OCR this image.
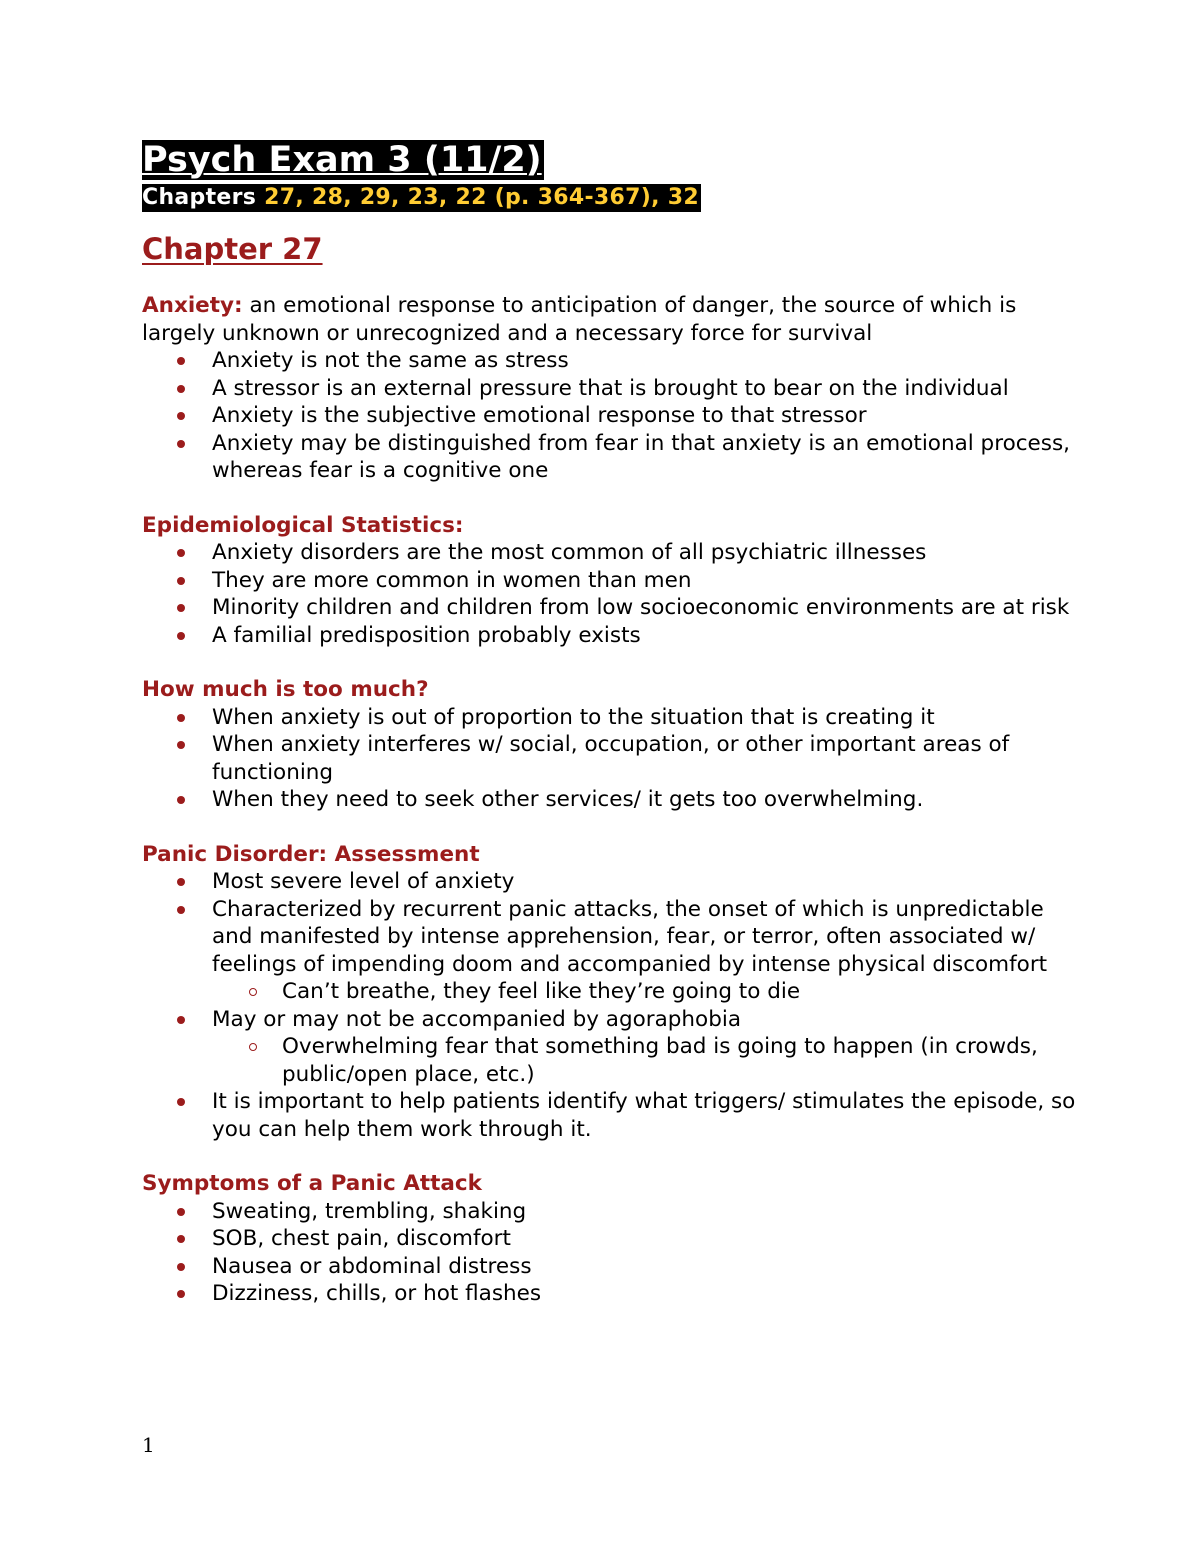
Psych Exam 3 (11/2)
Chapters 27, 28, 29, 23, 22 (p. 364-367), 32
Chapter 27

Anxiety: an emotional response to anticipation of danger, the source of which is largely unknown or unrecognized and a necessary force for survival

Anxiety is not the same as stress
A stressor is an external pressure that is brought to bear on the individual
Anxiety is the subjective emotional response to that stressor
Anxiety may be distinguished from fear in that anxiety is an emotional process, whereas fear is a cognitive one

Epidemiological Statistics:

Anxiety disorders are the most common of all psychiatric illnesses
They are more common in women than men
Minority children and children from low socioeconomic environments are at risk
A familial predisposition probably exists

How much is too much?

When anxiety is out of proportion to the situation that is creating it
When anxiety interferes w/ social, occupation, or other important areas of functioning
When they need to seek other services/ it gets too overwhelming.

Panic Disorder: Assessment

Most severe level of anxiety
Characterized by recurrent panic attacks, the onset of which is unpredictable and manifested by intense apprehension, fear, or terror, often associated w/ feelings of impending doom and accompanied by intense physical discomfort
Can’t breathe, they feel like they’re going to die
May or may not be accompanied by agoraphobia
Overwhelming fear that something bad is going to happen (in crowds, public/open place, etc.)
It is important to help patients identify what triggers/ stimulates the episode, so you can help them work through it.

Symptoms of a Panic Attack

Sweating, trembling, shaking
SOB, chest pain, discomfort
Nausea or abdominal distress
Dizziness, chills, or hot flashes
1
